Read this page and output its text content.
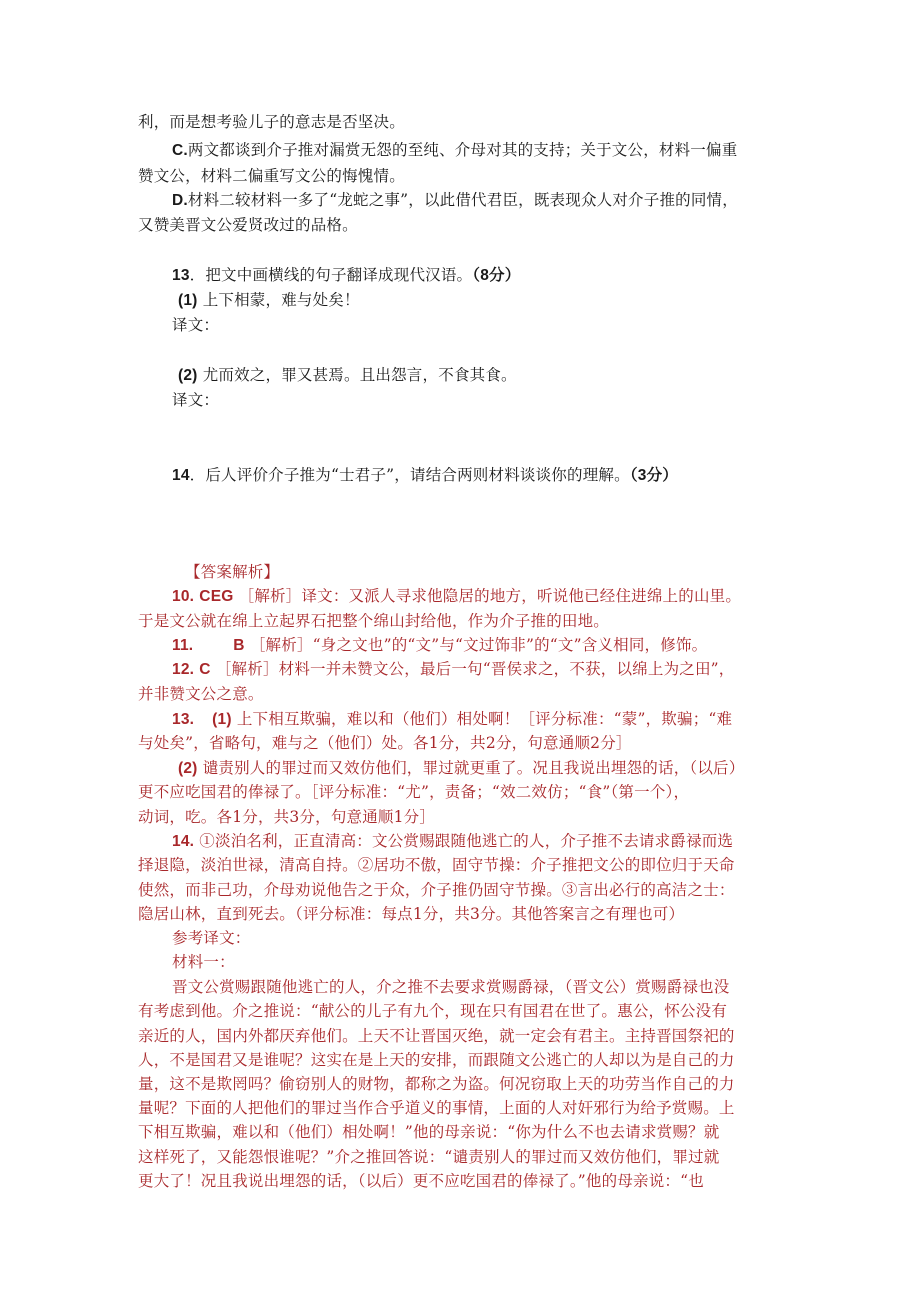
利，而是想考验儿子的意志是否坚决。
C.两文都谈到介子推对漏赏无怨的至纯、介母对其的支持；关于文公，材料一偏重
赞文公，材料二偏重写文公的悔愧情。
D.材料二较材料一多了“龙蛇之事”，以此借代君臣，既表现众人对介子推的同情，
又赞美晋文公爱贤改过的品格。
13．把文中画横线的句子翻译成现代汉语。（8分）
(1) 上下相蒙，难与处矣！
译文：
(2) 尤而效之，罪又甚焉。且出怨言，不食其食。
译文：
14．后人评价介子推为“士君子”，请结合两则材料谈谈你的理解。（3分）
【答案解析】
10. CEG ［解析］译文：又派人寻求他隐居的地方，听说他已经住进绵上的山里。
于是文公就在绵上立起界石把整个绵山封给他，作为介子推的田地。
11.	B ［解析］“身之文也”的“文”与“文过饰非”的“文”含义相同，修饰。
12. C ［解析］材料一并未赞文公，最后一句“晋侯求之，不获，以绵上为之田”，
并非赞文公之意。
13. (1) 上下相互欺骗，难以和（他们）相处啊！［评分标准：“蒙”，欺骗；“难
与处矣”，省略句，难与之（他们）处。各1分，共2分，句意通顺2分］
(2) 谴责别人的罪过而又效仿他们，罪过就更重了。况且我说出埋怨的话，（以后）
更不应吃国君的俸禄了。［评分标准：“尤”，责备；“效二效仿；“食”（第一个），
动词，吃。各1分，共3分，句意通顺1分］
14. ①淡泊名利，正直清高：文公赏赐跟随他逃亡的人，介子推不去请求爵禄而选
择退隐，淡泊世禄，清高自持。②居功不傲，固守节操：介子推把文公的即位归于天命
使然，而非己功，介母劝说他告之于众，介子推仍固守节操。③言出必行的高洁之士：
隐居山林，直到死去。（评分标准：每点1分，共3分。其他答案言之有理也可）
参考译文：
材料一：
晋文公赏赐跟随他逃亡的人，介之推不去要求赏赐爵禄，（晋文公）赏赐爵禄也没
有考虑到他。介之推说：“献公的儿子有九个，现在只有国君在世了。惠公，怀公没有
亲近的人，国内外都厌弃他们。上天不让晋国灭绝，就一定会有君主。主持晋国祭祀的
人，不是国君又是谁呢？这实在是上天的安排，而跟随文公逃亡的人却以为是自己的力
量，这不是欺罔吗？偷窃别人的财物，都称之为盗。何况窃取上天的功劳当作自己的力
量呢？下面的人把他们的罪过当作合乎道义的事情，上面的人对奸邪行为给予赏赐。上
下相互欺骗，难以和（他们）相处啊！”他的母亲说：“你为什么不也去请求赏赐？就
这样死了，又能怨恨谁呢？”介之推回答说：“谴责别人的罪过而又效仿他们，罪过就
更大了！况且我说出埋怨的话，（以后）更不应吃国君的俸禄了。”他的母亲说：“也
